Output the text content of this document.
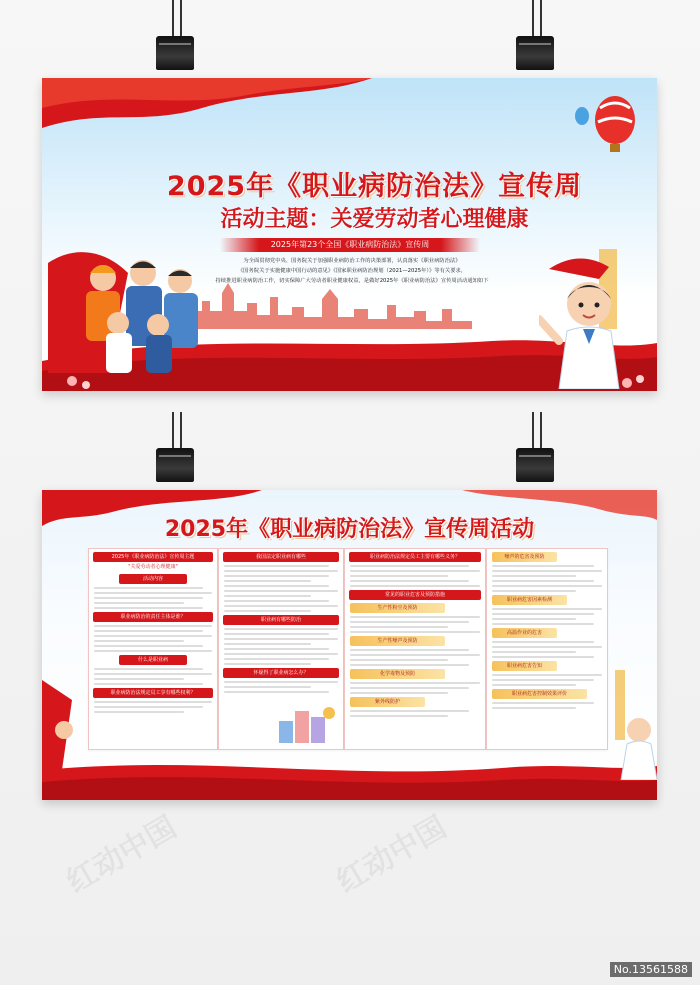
2025年《职业病防治法》宣传周
活动主题：关爱劳动者心理健康
2025年第23个全国《职业病防治法》宣传周
为全面贯彻党中央、国务院关于加强职业病防治工作的决策部署，认真落实《职业病防治法》
《国务院关于实施健康中国行动的意见》《国家职业病防治规划（2021—2025年）》等有关要求，
持续推进职业病防治工作，切实保障广大劳动者职业健康权益，是做好2025年《职业病防治法》宣传周活动通知如下
2025年《职业病防治法》宣传周活动
2025年《职业病防治法》宣传周主题
"关爱劳动者心理健康"
活动内容
职业病防治的责任主体是谁？
什么是职业病
职业病防治法规定员工享有哪些权利？
我国法定职业病有哪些
职业病有哪些防治
怀疑得了职业病怎么办？
职业病防治法规定员工主要有哪些义务？
常见的职业危害及预防措施
生产性粉尘及预防
生产性噪声及预防
化学毒物及预防
紫外线防护
噪声的危害及预防
职业病危害因素检测
高温作业的危害
职业病危害告知
职业病危害控制效果评价
红动中国	红动中国
No.13561588
